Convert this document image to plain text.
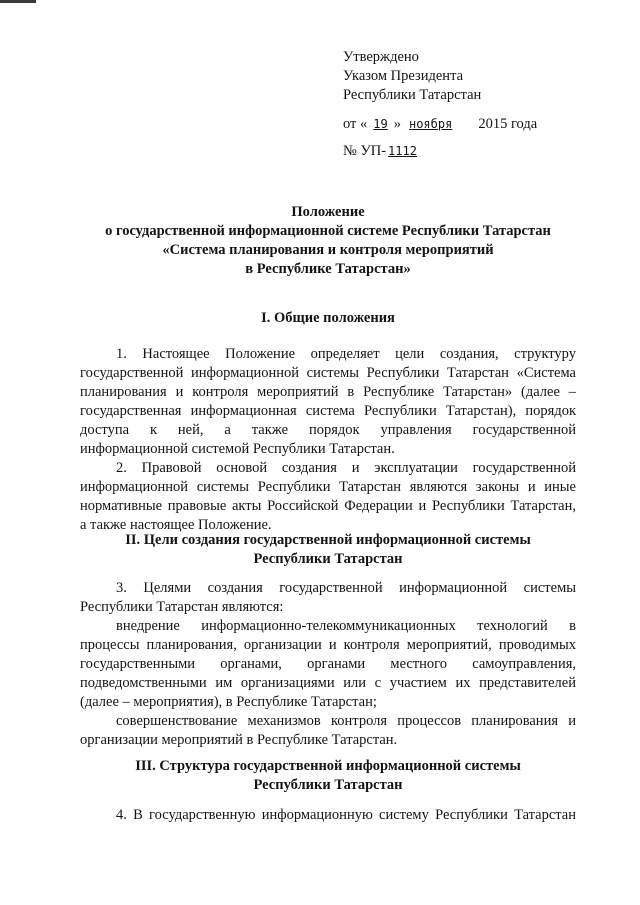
Утверждено
Указом Президента
Республики Татарстан
от « 19 » ноября 2015 года
№ УП- 1112
Положение
о государственной информационной системе Республики Татарстан
«Система планирования и контроля мероприятий
в Республике Татарстан»
I. Общие положения
1. Настоящее Положение определяет цели создания, структуру
государственной информационной системы Республики Татарстан «Система
планирования и контроля мероприятий в Республике Татарстан» (далее –
государственная информационная система Республики Татарстан), порядок
доступа к ней, а также порядок управления государственной
информационной системой Республики Татарстан.
2. Правовой основой создания и эксплуатации государственной
информационной системы Республики Татарстан являются законы и иные
нормативные правовые акты Российской Федерации и Республики Татарстан,
а также настоящее Положение.
II. Цели создания государственной информационной системы
Республики Татарстан
3. Целями создания государственной информационной системы
Республики Татарстан являются:
внедрение информационно-телекоммуникационных технологий в
процессы планирования, организации и контроля мероприятий, проводимых
государственными органами, органами местного самоуправления,
подведомственными им организациями или с участием их представителей
(далее – мероприятия), в Республике Татарстан;
совершенствование механизмов контроля процессов планирования и
организации мероприятий в Республике Татарстан.
III. Структура государственной информационной системы
Республики Татарстан
4. В государственную информационную систему Республики Татарстан
